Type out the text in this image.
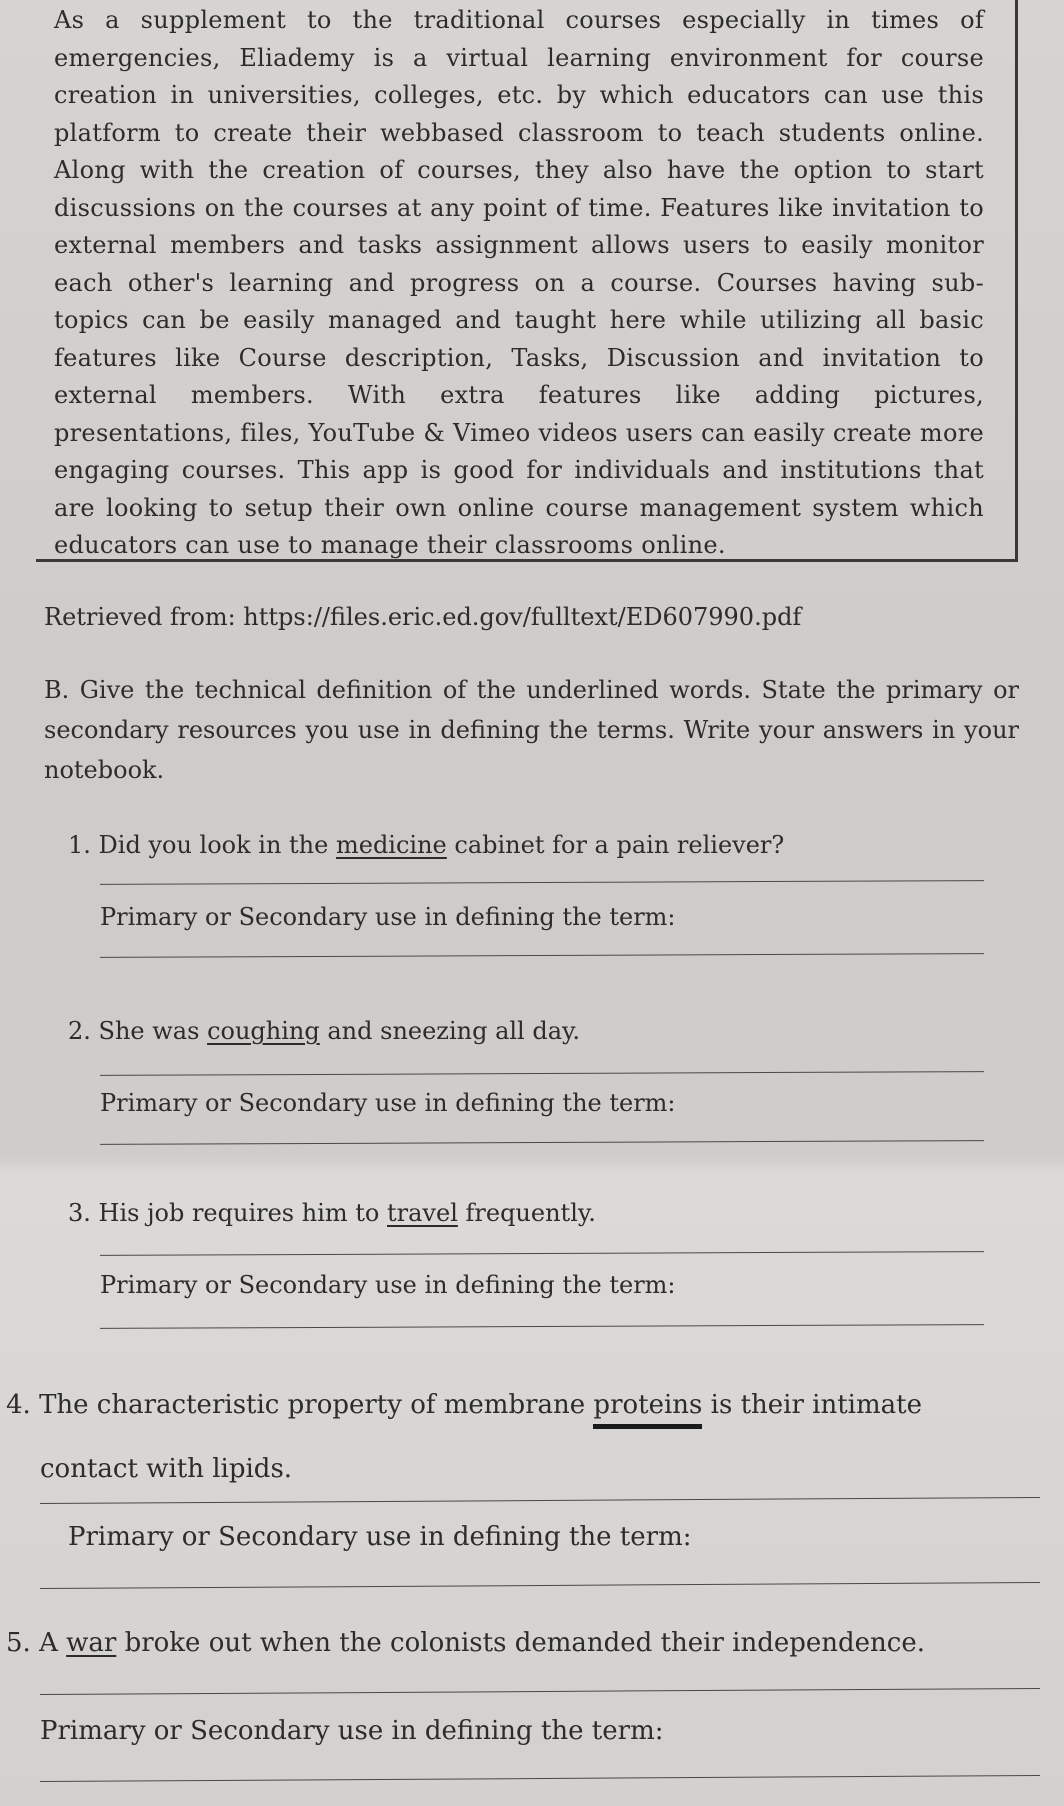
As a supplement to the traditional courses especially in times of
emergencies, Eliademy is a virtual learning environment for course creation in universities, colleges, etc. by which educators can use this platform to create their webbased classroom to teach students online. Along with the creation of courses, they also have the option to start discussions on the courses at any point of time. Features like invitation to external members and tasks assignment allows users to easily monitor each other's learning and progress on a course. Courses having sub-topics can be easily managed and taught here while utilizing all basic features like Course description, Tasks, Discussion and invitation to external members. With extra features like adding pictures, presentations, files, YouTube & Vimeo videos users can easily create more engaging courses. This app is good for individuals and institutions that are looking to setup their own online course management system which educators can use to manage their classrooms online.
Retrieved from: https://files.eric.ed.gov/fulltext/ED607990.pdf
B. Give the technical definition of the underlined words. State the primary or secondary resources you use in defining the terms. Write your answers in your notebook.
1. Did you look in the medicine cabinet for a pain reliever?
Primary or Secondary use in defining the term:
2. She was coughing and sneezing all day.
Primary or Secondary use in defining the term:
3. His job requires him to travel frequently.
Primary or Secondary use in defining the term:
4. The characteristic property of membrane proteins is their intimate
contact with lipids.
Primary or Secondary use in defining the term:
5. A war broke out when the colonists demanded their independence.
Primary or Secondary use in defining the term:
